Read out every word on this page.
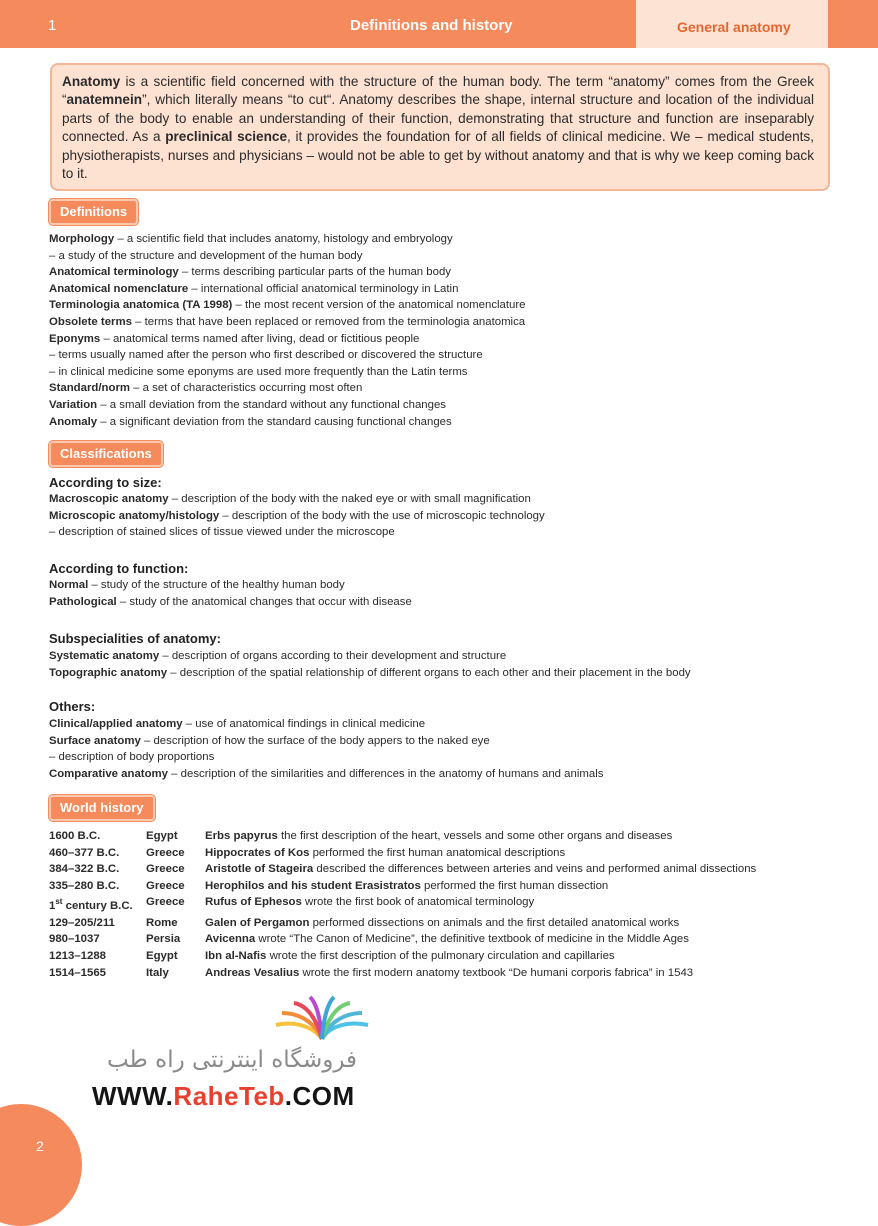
1	Definitions and history	General anatomy
Anatomy is a scientific field concerned with the structure of the human body. The term “anatomy” comes from the Greek “anatemnein”, which literally means “to cut“. Anatomy describes the shape, internal structure and location of the individual parts of the body to enable an understanding of their function, demonstrating that structure and function are inseparably connected. As a preclinical science, it provides the foundation for of all fields of clinical medicine. We – medical students, physiotherapists, nurses and physicians – would not be able to get by without anatomy and that is why we keep coming back to it.
Definitions
Morphology – a scientific field that includes anatomy, histology and embryology
– a study of the structure and development of the human body
Anatomical terminology – terms describing particular parts of the human body
Anatomical nomenclature – international official anatomical terminology in Latin
Terminologia anatomica (TA 1998) – the most recent version of the anatomical nomenclature
Obsolete terms – terms that have been replaced or removed from the terminologia anatomica
Eponyms – anatomical terms named after living, dead or fictitious people
– terms usually named after the person who first described or discovered the structure
– in clinical medicine some eponyms are used more frequently than the Latin terms
Standard/norm – a set of characteristics occurring most often
Variation – a small deviation from the standard without any functional changes
Anomaly – a significant deviation from the standard causing functional changes
Classifications
According to size:
Macroscopic anatomy – description of the body with the naked eye or with small magnification
Microscopic anatomy/histology – description of the body with the use of microscopic technology
– description of stained slices of tissue viewed under the microscope
According to function:
Normal – study of the structure of the healthy human body
Pathological – study of the anatomical changes that occur with disease
Subspecialities of anatomy:
Systematic anatomy – description of organs according to their development and structure
Topographic anatomy – description of the spatial relationship of different organs to each other and their placement in the body
Others:
Clinical/applied anatomy – use of anatomical findings in clinical medicine
Surface anatomy – description of how the surface of the body appers to the naked eye
– description of body proportions
Comparative anatomy – description of the similarities and differences in the anatomy of humans and animals
World history
1600 B.C.	Egypt	Erbs papyrus the first description of the heart, vessels and some other organs and diseases
460–377 B.C.	Greece	Hippocrates of Kos performed the first human anatomical descriptions
384–322 B.C.	Greece	Aristotle of Stageira described the differences between arteries and veins and performed animal dissections
335–280 B.C.	Greece	Herophilos and his student Erasistratos performed the first human dissection
1st century B.C.	Greece	Rufus of Ephesos wrote the first book of anatomical terminology
129–205/211	Rome	Galen of Pergamon performed dissections on animals and the first detailed anatomical works
980–1037	Persia	Avicenna wrote “The Canon of Medicine”, the definitive textbook of medicine in the Middle Ages
1213–1288	Egypt	Ibn al-Nafis wrote the first description of the pulmonary circulation and capillaries
1514–1565	Italy	Andreas Vesalius wrote the first modern anatomy textbook “De humani corporis fabrica” in 1543
فروشگاه اینترنتی راه طب
WWW.RaheTeb.COM
2
